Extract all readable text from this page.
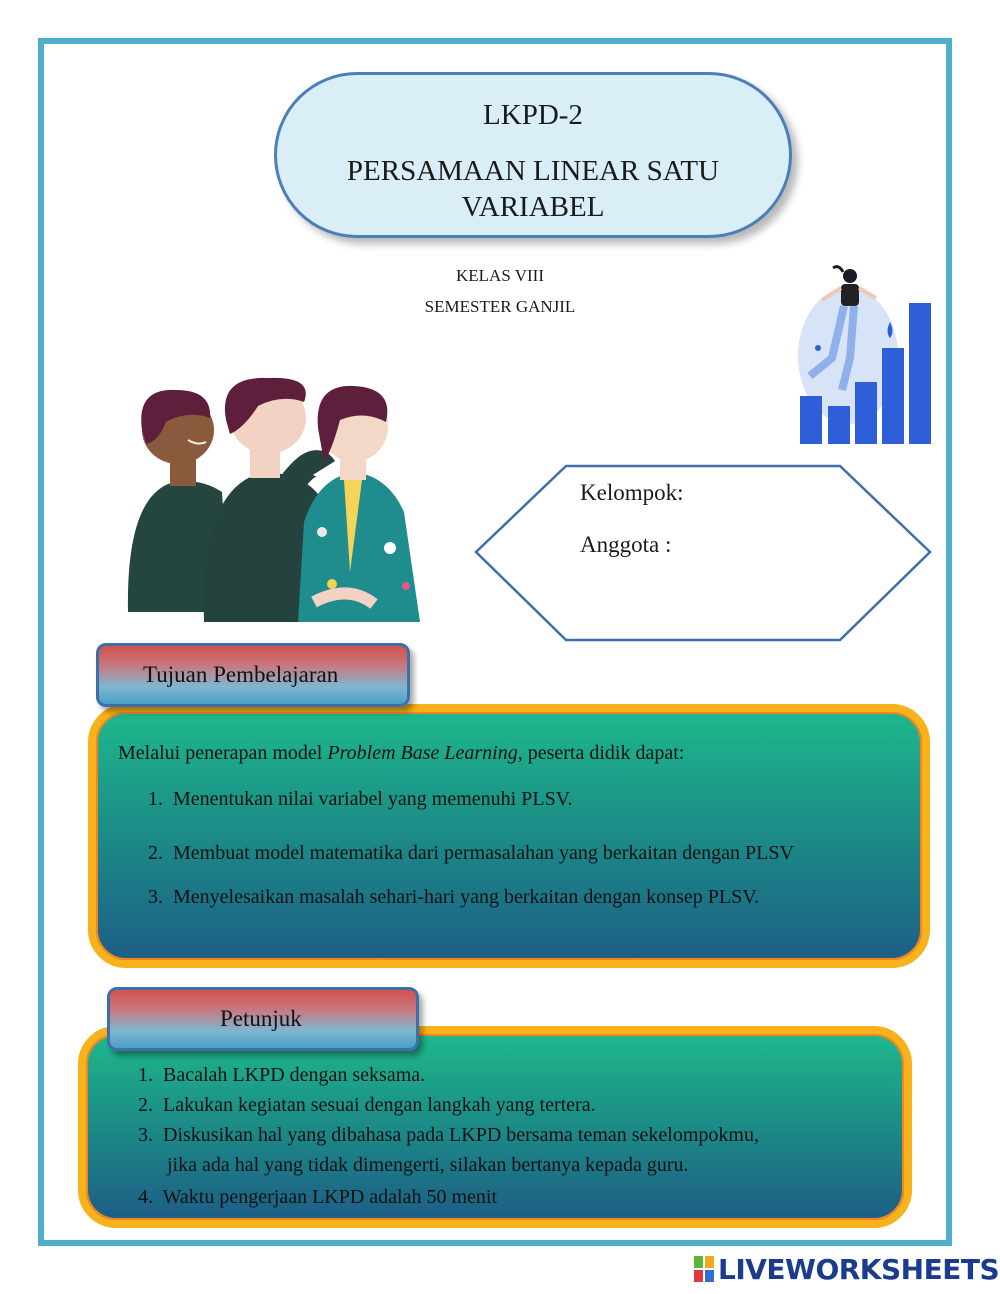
LKPD-2
PERSAMAAN LINEAR SATU VARIABEL
KELAS VIII
SEMESTER GANJIL
Kelompok:
Anggota :
Melalui penerapan model Problem Base Learning, peserta didik dapat:
1. Menentukan nilai variabel yang memenuhi PLSV.
2. Membuat model matematika dari permasalahan yang berkaitan dengan PLSV
3. Menyelesaikan masalah sehari-hari yang berkaitan dengan konsep PLSV.
Tujuan Pembelajaran
1. Bacalah LKPD dengan seksama.
2. Lakukan kegiatan sesuai dengan langkah yang tertera.
3. Diskusikan hal yang dibahasa pada LKPD bersama teman sekelompokmu,
jika ada hal yang tidak dimengerti, silakan bertanya kepada guru.
4. Waktu pengerjaan LKPD adalah 50 menit
Petunjuk
LIVEWORKSHEETS
